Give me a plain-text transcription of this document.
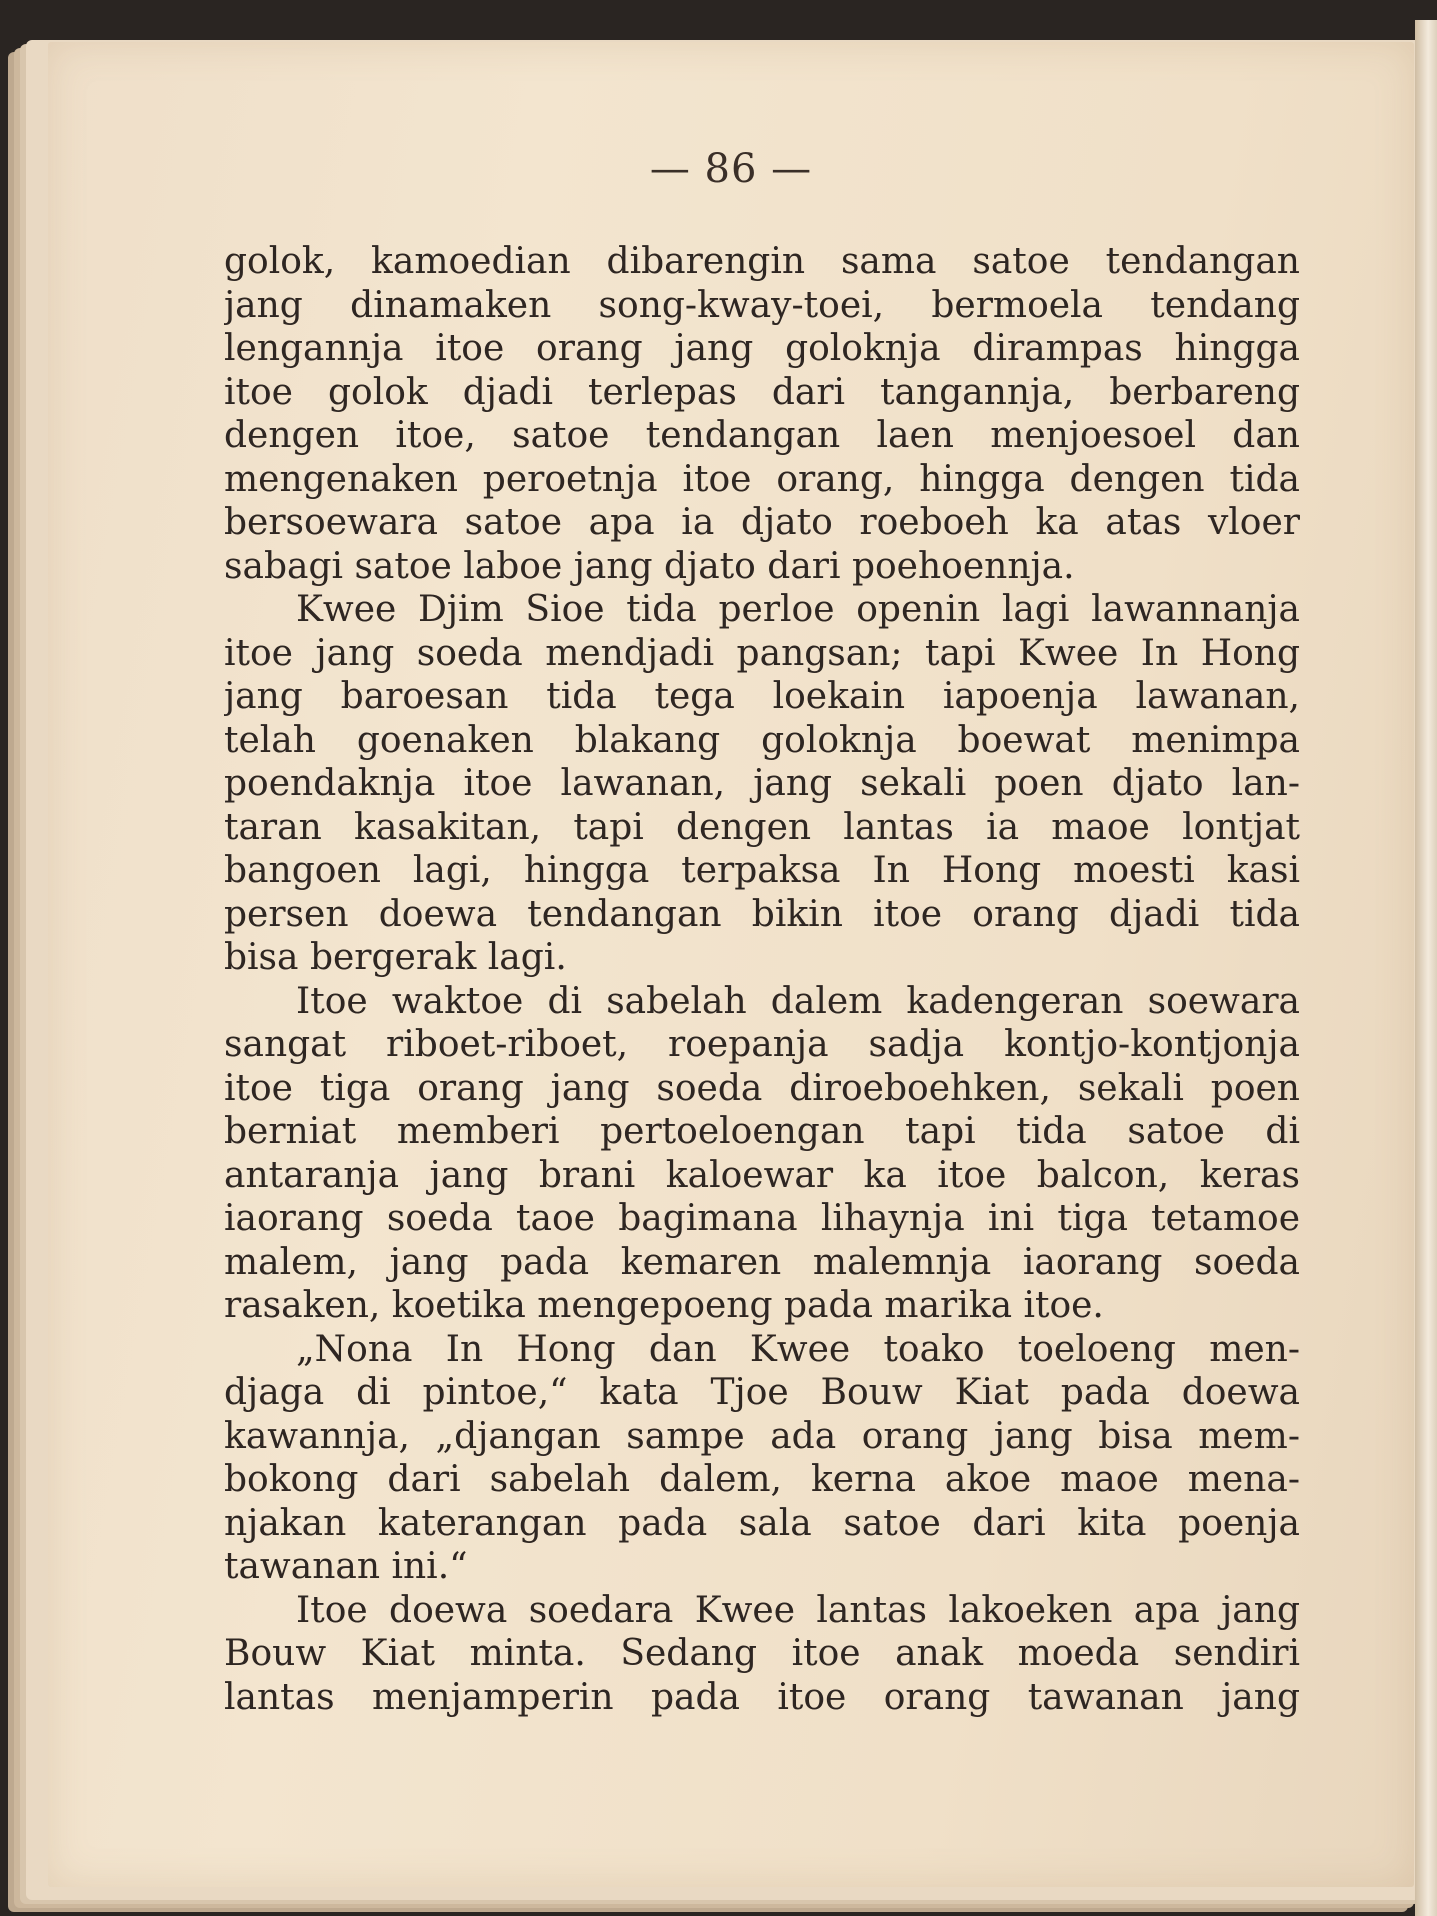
— 86 —
golok, kamoedian dibarengin sama satoe tendangan
jang dinamaken song-kway-toei, bermoela tendang
lengannja itoe orang jang goloknja dirampas hingga
itoe golok djadi terlepas dari tangannja, berbareng
dengen itoe, satoe tendangan laen menjoesoel dan
mengenaken peroetnja itoe orang, hingga dengen tida
bersoewara satoe apa ia djato roeboeh ka atas vloer
sabagi satoe laboe jang djato dari poehoennja.
Kwee Djim Sioe tida perloe openin lagi lawannanja
itoe jang soeda mendjadi pangsan; tapi Kwee In Hong
jang baroesan tida tega loekain iapoenja lawanan,
telah goenaken blakang goloknja boewat menimpa
poendaknja itoe lawanan, jang sekali poen djato lan-
taran kasakitan, tapi dengen lantas ia maoe lontjat
bangoen lagi, hingga terpaksa In Hong moesti kasi
persen doewa tendangan bikin itoe orang djadi tida
bisa bergerak lagi.
Itoe waktoe di sabelah dalem kadengeran soewara
sangat riboet-riboet, roepanja sadja kontjo-kontjonja
itoe tiga orang jang soeda diroeboehken, sekali poen
berniat memberi pertoeloengan tapi tida satoe di
antaranja jang brani kaloewar ka itoe balcon, keras
iaorang soeda taoe bagimana lihaynja ini tiga tetamoe
malem, jang pada kemaren malemnja iaorang soeda
rasaken, koetika mengepoeng pada marika itoe.
„Nona In Hong dan Kwee toako toeloeng men-
djaga di pintoe,“ kata Tjoe Bouw Kiat pada doewa
kawannja, „djangan sampe ada orang jang bisa mem-
bokong dari sabelah dalem, kerna akoe maoe mena-
njakan katerangan pada sala satoe dari kita poenja
tawanan ini.“
Itoe doewa soedara Kwee lantas lakoeken apa jang
Bouw Kiat minta. Sedang itoe anak moeda sendiri
lantas menjamperin pada itoe orang tawanan jang
